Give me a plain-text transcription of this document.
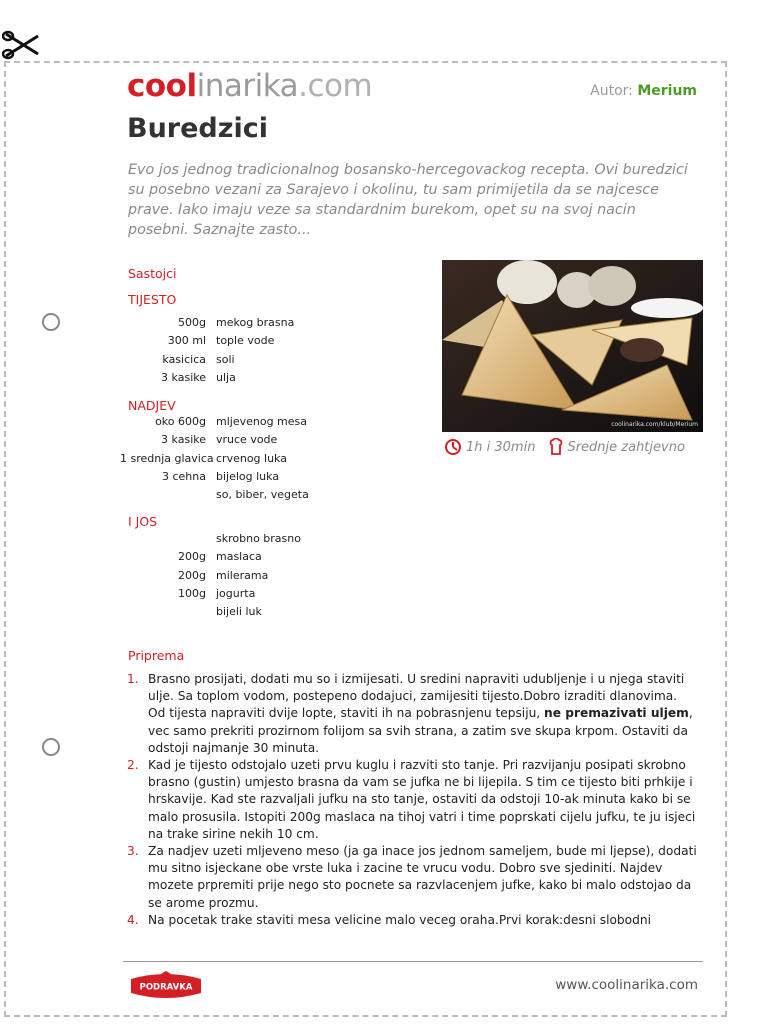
coolinarika.com	Autor: Merium
Buredzici
Evo jos jednog tradicionalnog bosansko-hercegovackog recepta. Ovi buredzici su posebno vezani za Sarajevo i okolinu, tu sam primijetila da se najcesce prave. Iako imaju veze sa standardnim burekom, opet su na svoj nacin posebni. Saznajte zasto...
Sastojci
TIJESTO
500g mekog brasna
300 ml tople vode
kasicica soli
3 kasike ulja
NADJEV
oko 600g mljevenog mesa
3 kasike vruce vode
1 srednja glavica crvenog luka
3 cehna bijelog luka
so, biber, vegeta
I JOS
skrobno brasno
200g maslaca
200g milerama
100g jogurta
bijeli luk
coolinarika.com/klub/Merium
1h i 30min Srednje zahtjevno
Priprema
1. Brasno prosijati, dodati mu so i izmijesati. U sredini napraviti udubljenje i u njega staviti ulje. Sa toplom vodom, postepeno dodajuci, zamijesiti tijesto.Dobro izraditi dlanovima. Od tijesta napraviti dvije lopte, staviti ih na pobrasnjenu tepsiju, ne premazivati uljem, vec samo prekriti prozirnom folijom sa svih strana, a zatim sve skupa krpom. Ostaviti da odstoji najmanje 30 minuta.
2. Kad je tijesto odstojalo uzeti prvu kuglu i razviti sto tanje. Pri razvijanju posipati skrobno brasno (gustin) umjesto brasna da vam se jufka ne bi lijepila. S tim ce tijesto biti prhkije i hrskavije. Kad ste razvaljali jufku na sto tanje, ostaviti da odstoji 10-ak minuta kako bi se malo prosusila. Istopiti 200g maslaca na tihoj vatri i time poprskati cijelu jufku, te ju isjeci na trake sirine nekih 10 cm.
3. Za nadjev uzeti mljeveno meso (ja ga inace jos jednom sameljem, bude mi ljepse), dodati mu sitno isjeckane obe vrste luka i zacine te vrucu vodu. Dobro sve sjediniti. Najdev mozete prpremiti prije nego sto pocnete sa razvlacenjem jufke, kako bi malo odstojao da se arome prozmu.
4. Na pocetak trake staviti mesa velicine malo veceg oraha.Prvi korak:desni slobodni
PODRAVKA	www.coolinarika.com
